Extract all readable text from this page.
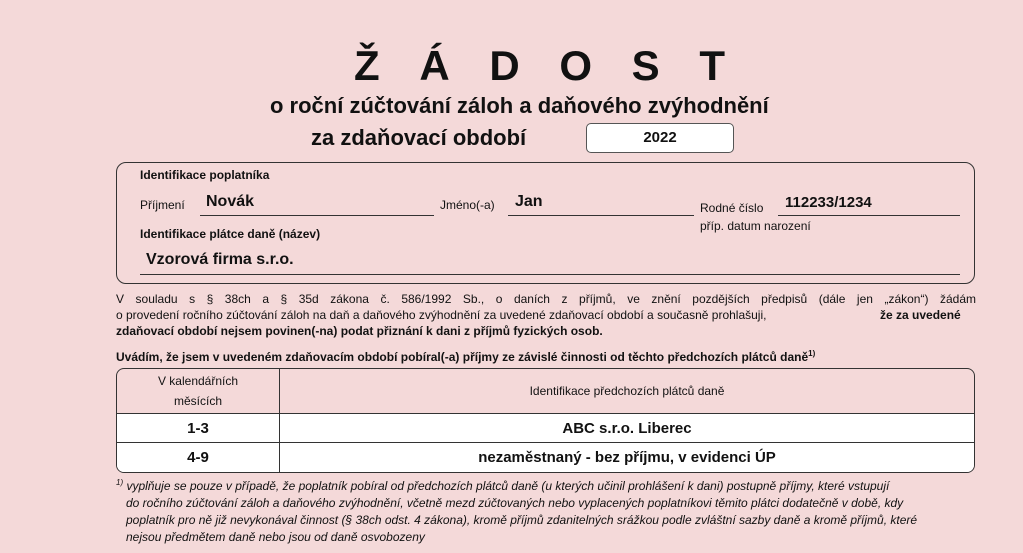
Ž Á D O S T
o roční zúčtování záloh a daňového zvýhodnění
za zdaňovací období	2022
Identifikace poplatníka
Příjmení	Novák	Jméno(-a)	Jan	Rodné číslo	112233/1234
příp. datum narození
Identifikace plátce daně (název)
Vzorová firma s.r.o.
V souladu s § 38ch a § 35d zákona č. 586/1992 Sb., o daních z příjmů, ve znění pozdějších předpisů (dále jen „zákon“) žádám
o provedení ročního zúčtování záloh na daň a daňového zvýhodnění za uvedené zdaňovací období a současně prohlašuji,	že za uvedené
zdaňovací období nejsem povinen(-na) podat přiznání k dani z příjmů fyzických osob.
Uvádím, že jsem v uvedeném zdaňovacím období pobíral(-a) příjmy ze závislé činnosti od těchto předchozích plátců daně$^{1)}$
V kalendářních
měsících	Identifikace předchozích plátců daně
1-3	ABC s.r.o. Liberec
4-9	nezaměstnaný - bez příjmu, v evidenci ÚP
$^{1)}$ vyplňuje se pouze v případě, že poplatník pobíral od předchozích plátců daně (u kterých učinil prohlášení k dani) postupně příjmy, které vstupují
do ročního zúčtování záloh a daňového zvýhodnění, včetně mezd zúčtovaných nebo vyplacených poplatníkovi těmito plátci dodatečně v době, kdy
poplatník pro ně již nevykonával činnost (§ 38ch odst. 4 zákona), kromě příjmů zdanitelných srážkou podle zvláštní sazby daně a kromě příjmů, které
nejsou předmětem daně nebo jsou od daně osvobozeny
